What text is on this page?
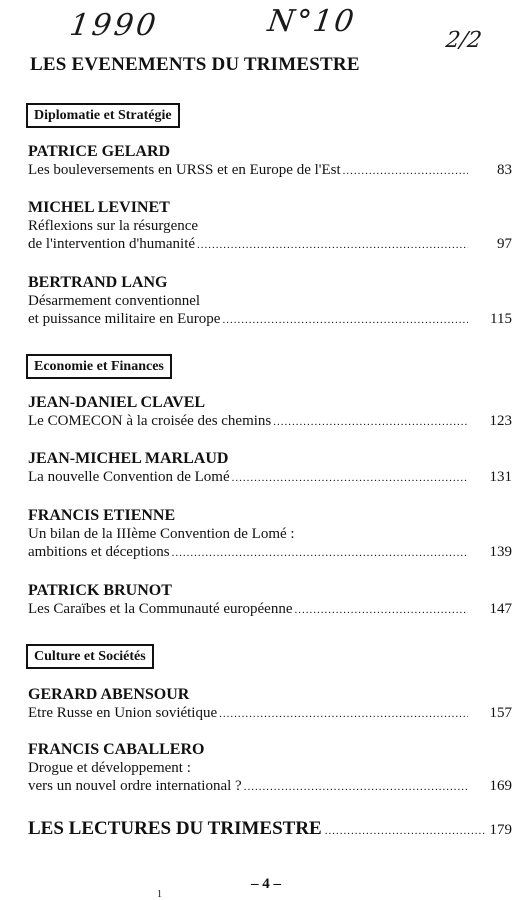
1990	N°10
2/2
LES EVENEMENTS DU TRIMESTRE
Diplomatie et Stratégie
PATRICE GELARD
Les bouleversements en URSS et en Europe de l'Est .....	83
MICHEL LEVINET
Réflexions sur la résurgence
de l'intervention d'humanité .....	97
BERTRAND LANG
Désarmement conventionnel
et puissance militaire en Europe .....	115
Economie et Finances
JEAN-DANIEL CLAVEL
Le COMECON à la croisée des chemins .....	123
JEAN-MICHEL MARLAUD
La nouvelle Convention de Lomé .....	131
FRANCIS ETIENNE
Un bilan de la IIIème Convention de Lomé :
ambitions et déceptions .....	139
PATRICK BRUNOT
Les Caraïbes et la Communauté européenne .....	147
Culture et Sociétés
GERARD ABENSOUR
Etre Russe en Union soviétique .....	157
FRANCIS CABALLERO
Drogue et développement :
vers un nouvel ordre international ? .....	169
LES LECTURES DU TRIMESTRE .....	179
– 4 –
1
